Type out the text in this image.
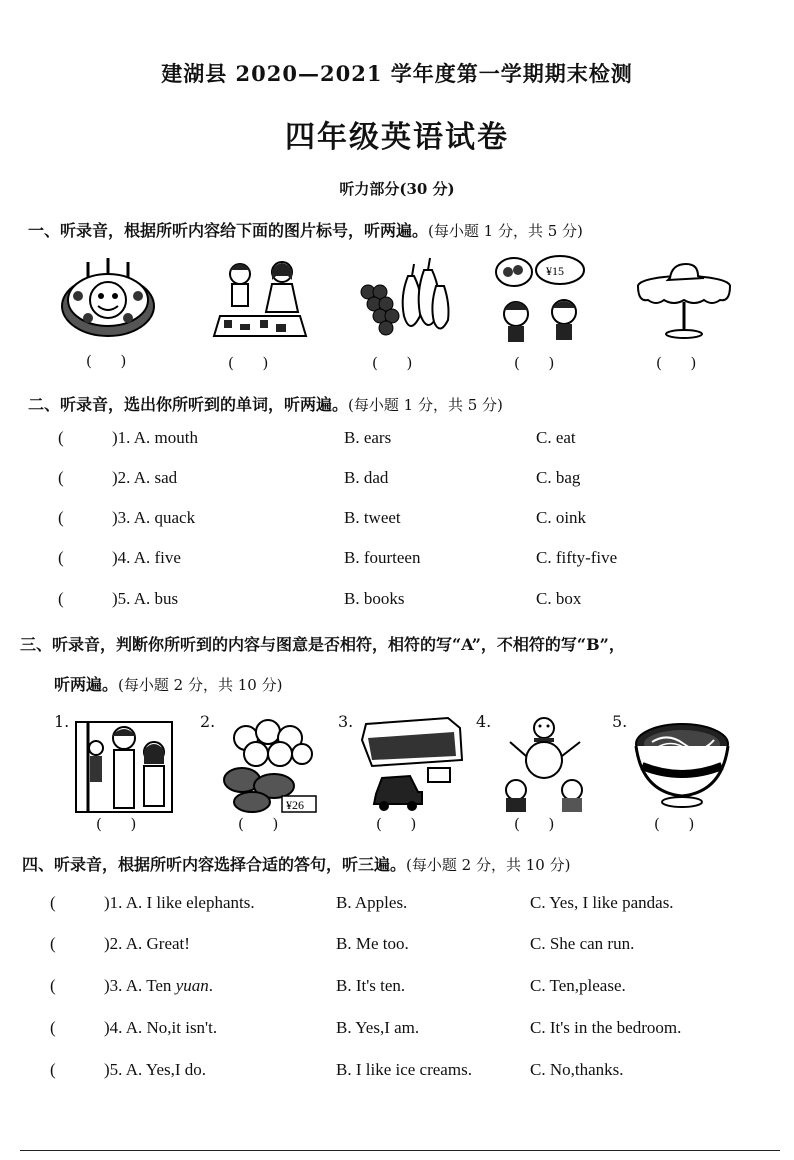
建湖县 2020—2021 学年度第一学期期末检测
四年级英语试卷
听力部分(30 分)
一、听录音，根据所听内容给下面的图片标号，听两遍。(每小题 1 分，共 5 分)
¥15
(      )	(      )	(      )	(      )	(      )
二、听录音，选出你所听到的单词，听两遍。(每小题 1 分，共 5 分)
(	)1. A. mouth	B. ears	C. eat
(	)2. A. sad	B. dad	C. bag
(	)3. A. quack	B. tweet	C. oink
(	)4. A. five	B. fourteen	C. fifty-five
(	)5. A. bus	B. books	C. box
三、听录音，判断你所听到的内容与图意是否相符，相符的写“A”，不相符的写“B”，
听两遍。(每小题 2 分，共 10 分)
1.	2.
¥26
3.	4.	5.
(      )	(      )	(      )	(      )	(      )
四、听录音，根据所听内容选择合适的答句，听三遍。(每小题 2 分，共 10 分)
(	)1. A. I like elephants.	B. Apples.	C. Yes, I like pandas.
(	)2. A. Great!	B. Me too.	C. She can run.
(	)3. A. Ten yuan.	B. It's ten.	C. Ten,please.
(	)4. A. No,it isn't.	B. Yes,I am.	C. It's in the bedroom.
(	)5. A. Yes,I do.	B. I like ice creams.	C. No,thanks.
